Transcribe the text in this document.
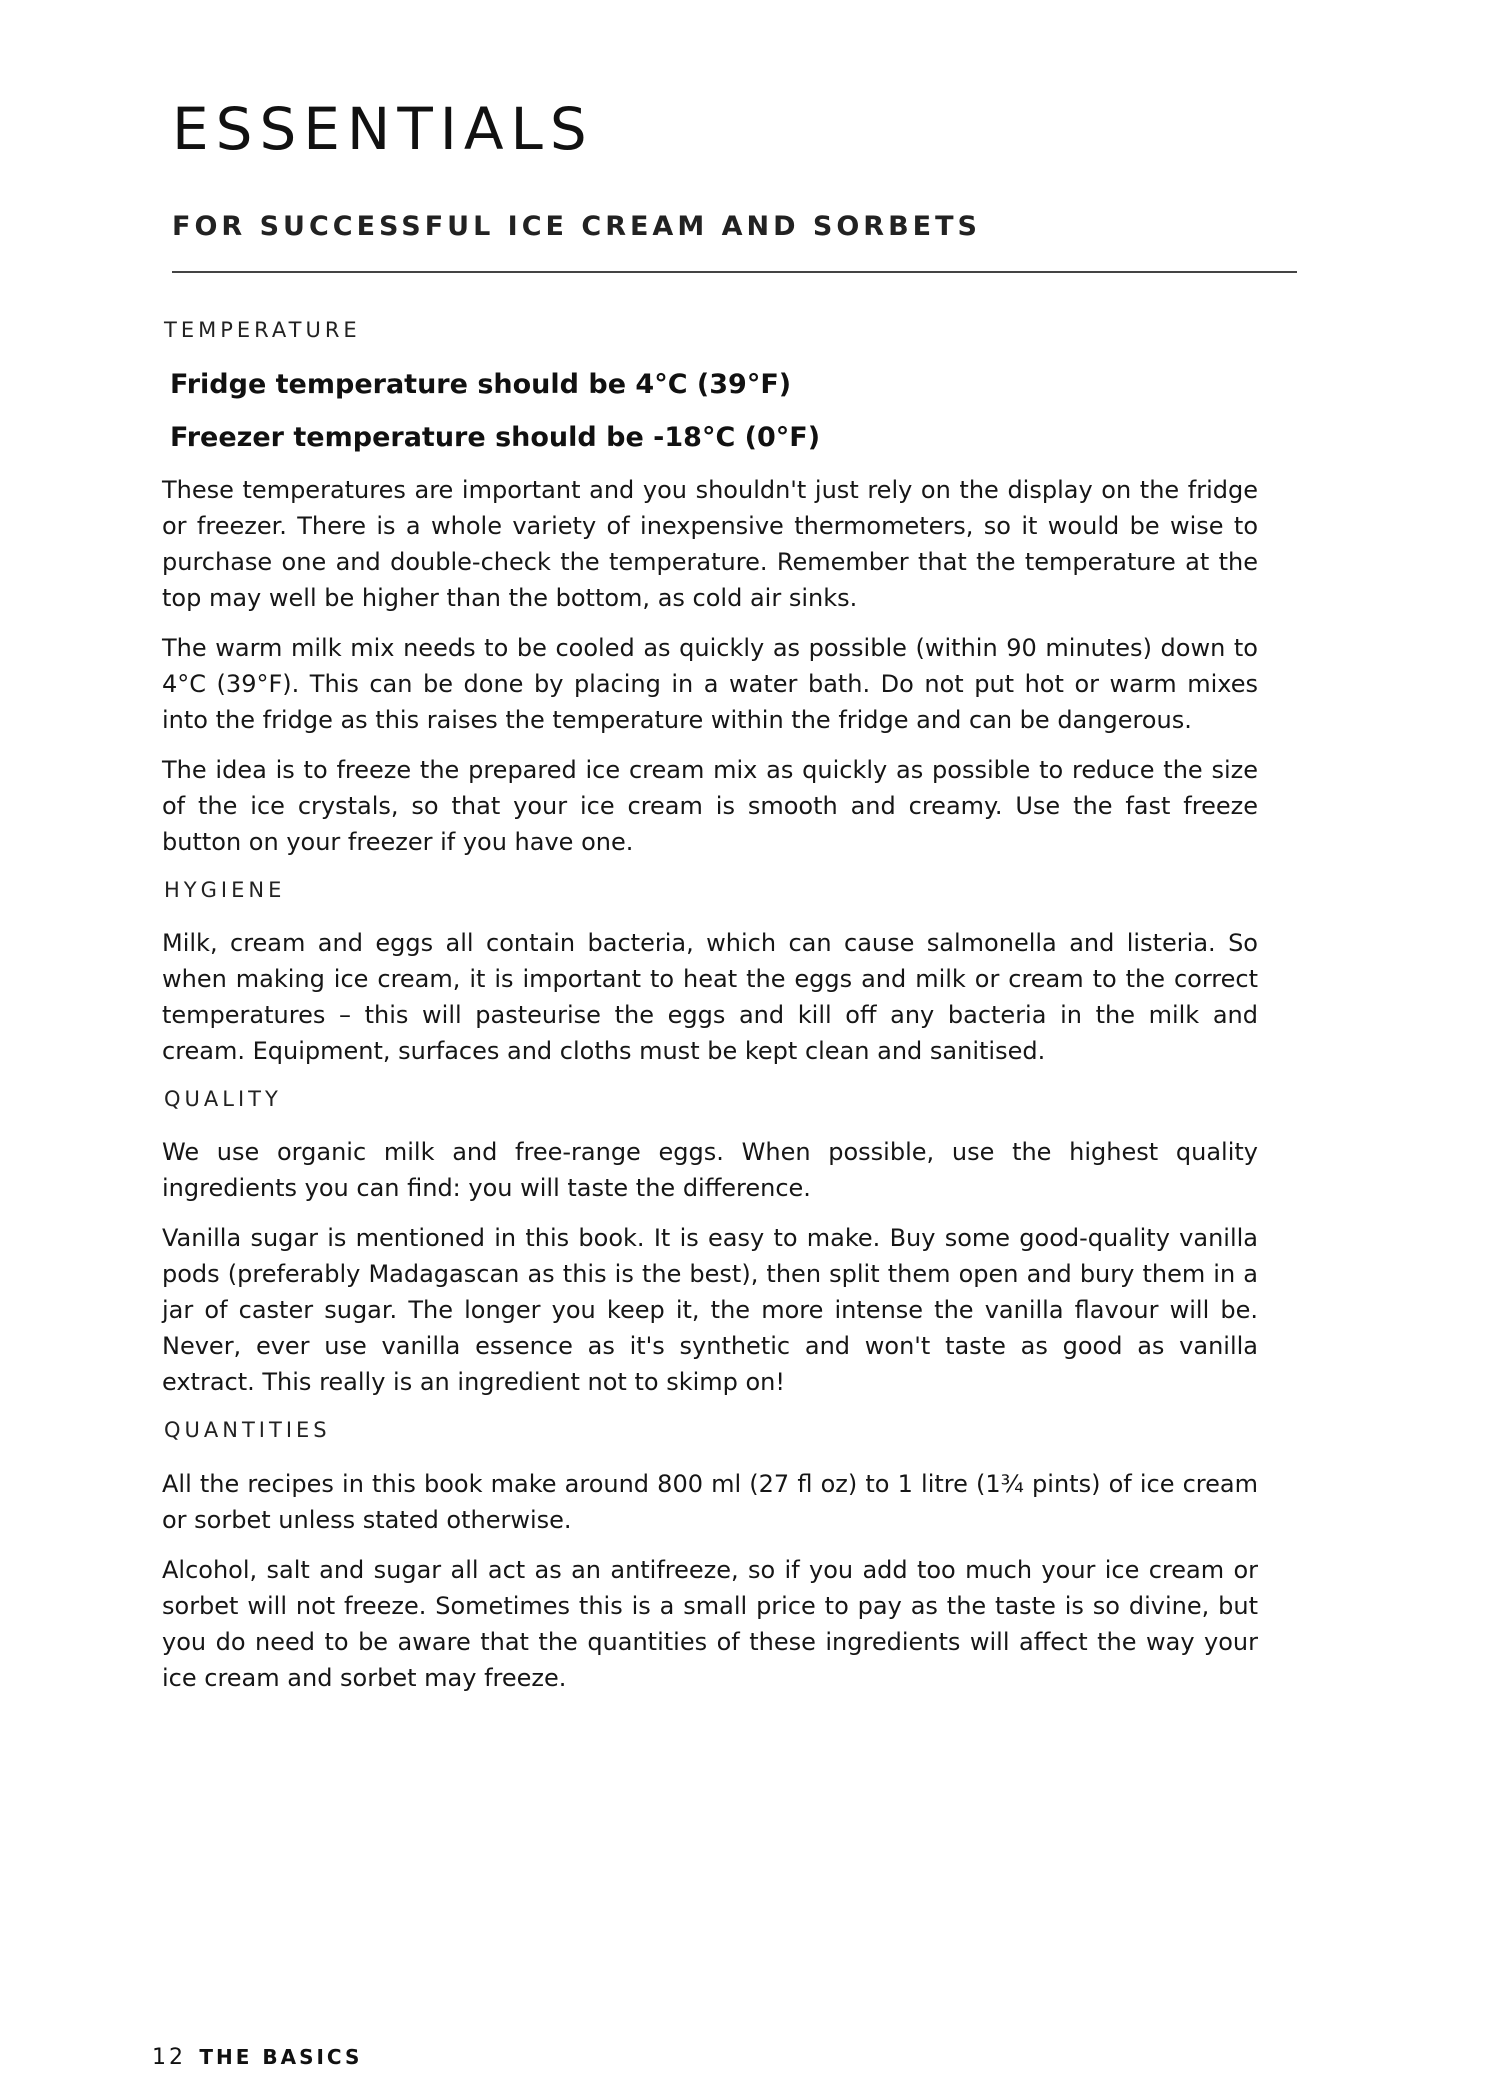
ESSENTIALS
FOR SUCCESSFUL ICE CREAM AND SORBETS
TEMPERATURE
Fridge temperature should be 4°C (39°F)
Freezer temperature should be -18°C (0°F)

These temperatures are important and you shouldn't just rely on the display on the fridge or freezer. There is a whole variety of inexpensive thermometers, so it would be wise to purchase one and double-check the temperature. Remember that the temperature at the top may well be higher than the bottom, as cold air sinks.

The warm milk mix needs to be cooled as quickly as possible (within 90 minutes) down to 4°C (39°F). This can be done by placing in a water bath. Do not put hot or warm mixes into the fridge as this raises the temperature within the fridge and can be dangerous.

The idea is to freeze the prepared ice cream mix as quickly as possible to reduce the size of the ice crystals, so that your ice cream is smooth and creamy. Use the fast freeze button on your freezer if you have one.

HYGIENE

Milk, cream and eggs all contain bacteria, which can cause salmonella and listeria. So when making ice cream, it is important to heat the eggs and milk or cream to the correct temperatures – this will pasteurise the eggs and kill off any bacteria in the milk and cream. Equipment, surfaces and cloths must be kept clean and sanitised.

QUALITY

We use organic milk and free-range eggs. When possible, use the highest quality ingredients you can find: you will taste the difference.

Vanilla sugar is mentioned in this book. It is easy to make. Buy some good-quality vanilla pods (preferably Madagascan as this is the best), then split them open and bury them in a jar of caster sugar. The longer you keep it, the more intense the vanilla flavour will be. Never, ever use vanilla essence as it's synthetic and won't taste as good as vanilla extract. This really is an ingredient not to skimp on!

QUANTITIES

All the recipes in this book make around 800 ml (27 fl oz) to 1 litre (1¾ pints) of ice cream or sorbet unless stated otherwise.

Alcohol, salt and sugar all act as an antifreeze, so if you add too much your ice cream or sorbet will not freeze. Sometimes this is a small price to pay as the taste is so divine, but you do need to be aware that the quantities of these ingredients will affect the way your ice cream and sorbet may freeze.

12 THE BASICS
